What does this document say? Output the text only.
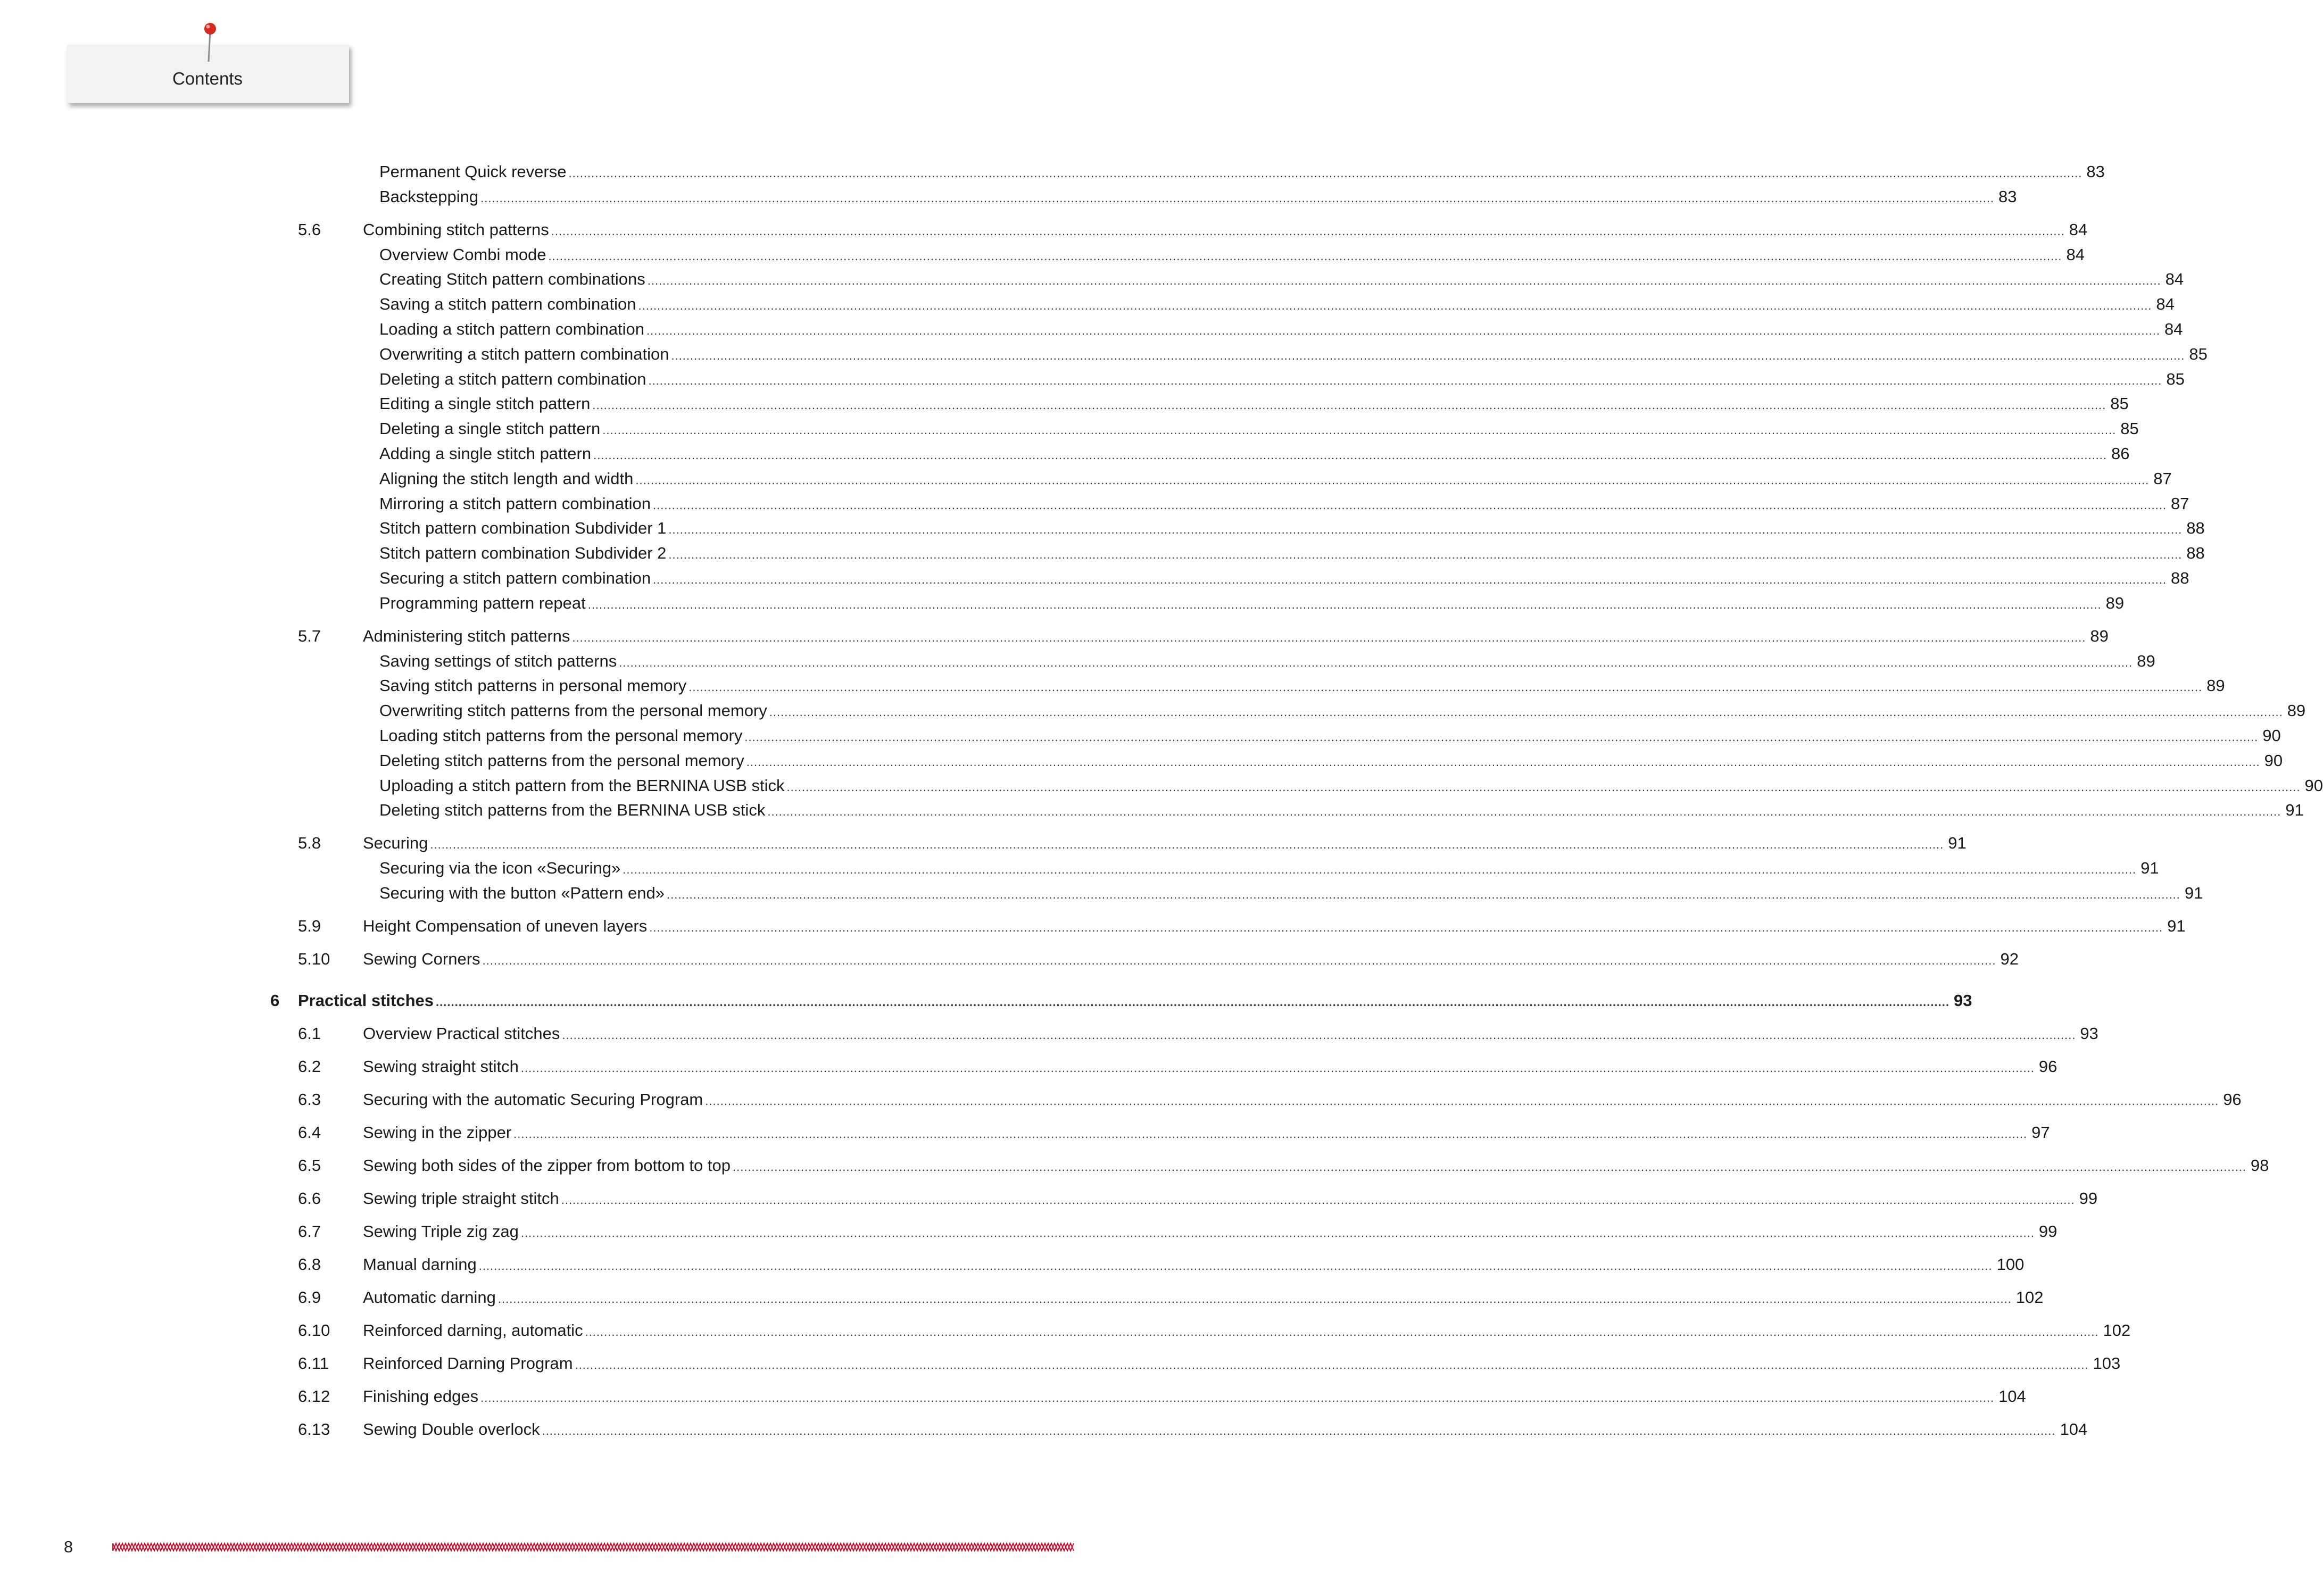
Contents
Permanent Quick reverse ................................................................................................................................................................................................................................................................................................................................................................................................................ 83
Backstepping ................................................................................................................................................................................................................................................................................................................................................................................................................ 83
5.6	Combining stitch patterns ................................................................................................................................................................................................................................................................................................................................................................................................................ 84
Overview Combi mode ................................................................................................................................................................................................................................................................................................................................................................................................................ 84
Creating Stitch pattern combinations ................................................................................................................................................................................................................................................................................................................................................................................................................ 84
Saving a stitch pattern combination ................................................................................................................................................................................................................................................................................................................................................................................................................ 84
Loading a stitch pattern combination ................................................................................................................................................................................................................................................................................................................................................................................................................ 84
Overwriting a stitch pattern combination ................................................................................................................................................................................................................................................................................................................................................................................................................ 85
Deleting a stitch pattern combination ................................................................................................................................................................................................................................................................................................................................................................................................................ 85
Editing a single stitch pattern ................................................................................................................................................................................................................................................................................................................................................................................................................ 85
Deleting a single stitch pattern ................................................................................................................................................................................................................................................................................................................................................................................................................ 85
Adding a single stitch pattern ................................................................................................................................................................................................................................................................................................................................................................................................................ 86
Aligning the stitch length and width ................................................................................................................................................................................................................................................................................................................................................................................................................ 87
Mirroring a stitch pattern combination ................................................................................................................................................................................................................................................................................................................................................................................................................ 87
Stitch pattern combination Subdivider 1 ................................................................................................................................................................................................................................................................................................................................................................................................................ 88
Stitch pattern combination Subdivider 2 ................................................................................................................................................................................................................................................................................................................................................................................................................ 88
Securing a stitch pattern combination ................................................................................................................................................................................................................................................................................................................................................................................................................ 88
Programming pattern repeat ................................................................................................................................................................................................................................................................................................................................................................................................................ 89
5.7	Administering stitch patterns ................................................................................................................................................................................................................................................................................................................................................................................................................ 89
Saving settings of stitch patterns ................................................................................................................................................................................................................................................................................................................................................................................................................ 89
Saving stitch patterns in personal memory ................................................................................................................................................................................................................................................................................................................................................................................................................ 89
Overwriting stitch patterns from the personal memory ................................................................................................................................................................................................................................................................................................................................................................................................................ 89
Loading stitch patterns from the personal memory ................................................................................................................................................................................................................................................................................................................................................................................................................ 90
Deleting stitch patterns from the personal memory ................................................................................................................................................................................................................................................................................................................................................................................................................ 90
Uploading a stitch pattern from the BERNINA USB stick ................................................................................................................................................................................................................................................................................................................................................................................................................ 90
Deleting stitch patterns from the BERNINA USB stick ................................................................................................................................................................................................................................................................................................................................................................................................................ 91
5.8	Securing ................................................................................................................................................................................................................................................................................................................................................................................................................ 91
Securing via the icon «Securing» ................................................................................................................................................................................................................................................................................................................................................................................................................ 91
Securing with the button «Pattern end» ................................................................................................................................................................................................................................................................................................................................................................................................................ 91
5.9	Height Compensation of uneven layers ................................................................................................................................................................................................................................................................................................................................................................................................................ 91
5.10 Sewing Corners ................................................................................................................................................................................................................................................................................................................................................................................................................ 92
6 Practical stitches ................................................................................................................................................................................................................................................................................................................................................................................................................ 93
6.1	Overview Practical stitches ................................................................................................................................................................................................................................................................................................................................................................................................................ 93
6.2	Sewing straight stitch ................................................................................................................................................................................................................................................................................................................................................................................................................ 96
6.3	Securing with the automatic Securing Program ................................................................................................................................................................................................................................................................................................................................................................................................................ 96
6.4	Sewing in the zipper ................................................................................................................................................................................................................................................................................................................................................................................................................ 97
6.5	Sewing both sides of the zipper from bottom to top ................................................................................................................................................................................................................................................................................................................................................................................................................ 98
6.6	Sewing triple straight stitch ................................................................................................................................................................................................................................................................................................................................................................................................................ 99
6.7	Sewing Triple zig zag ................................................................................................................................................................................................................................................................................................................................................................................................................ 99
6.8	Manual darning ................................................................................................................................................................................................................................................................................................................................................................................................................ 100
6.9	Automatic darning ................................................................................................................................................................................................................................................................................................................................................................................................................ 102
6.10 Reinforced darning, automatic ................................................................................................................................................................................................................................................................................................................................................................................................................ 102
6.11 Reinforced Darning Program ................................................................................................................................................................................................................................................................................................................................................................................................................ 103
6.12 Finishing edges ................................................................................................................................................................................................................................................................................................................................................................................................................ 104
6.13 Sewing Double overlock ................................................................................................................................................................................................................................................................................................................................................................................................................ 104
8
